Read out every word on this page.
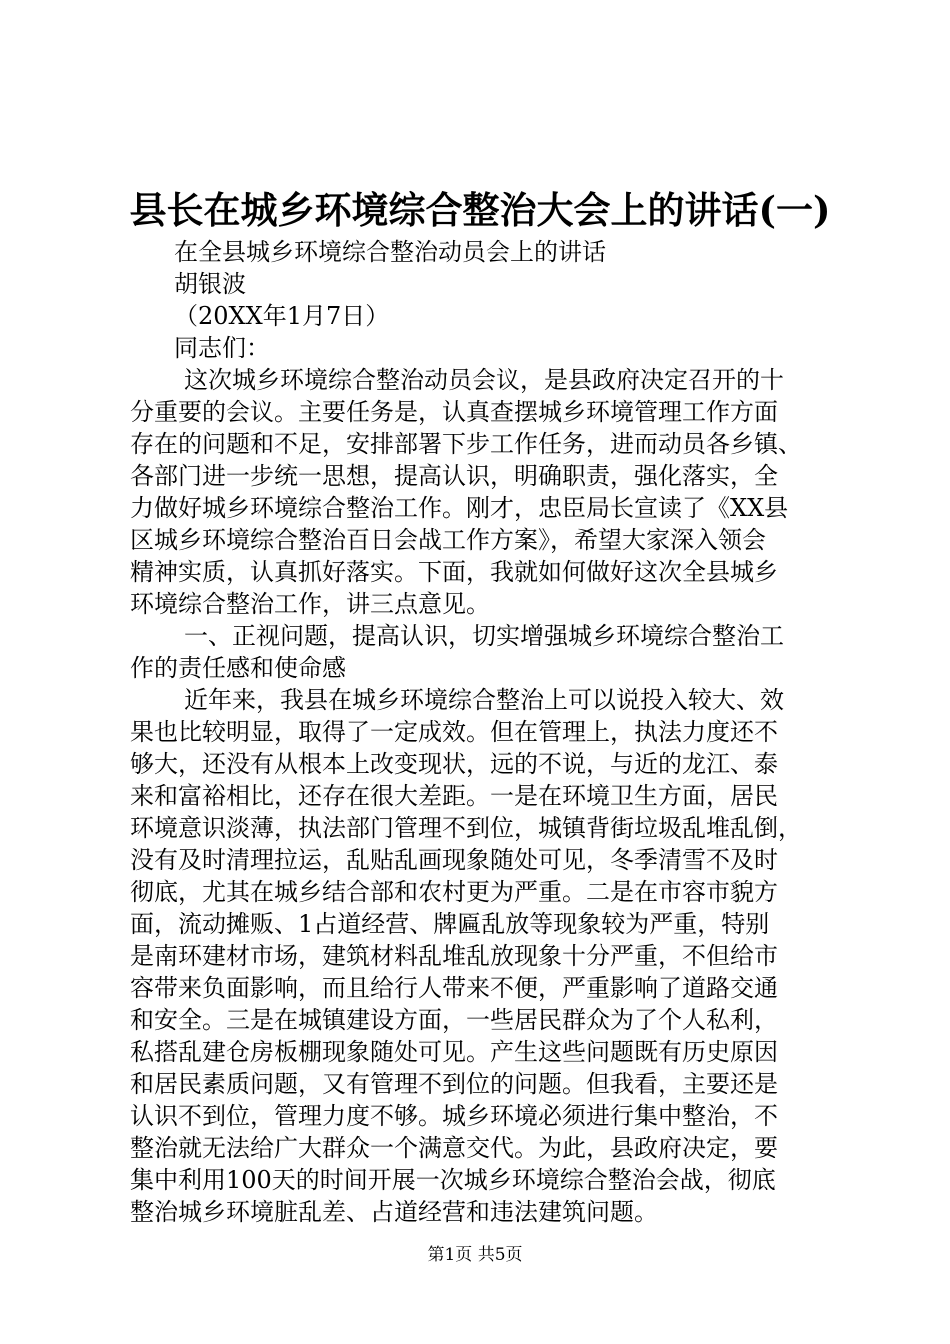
县长在城乡环境综合整治大会上的讲话(一)
在全县城乡环境综合整治动员会上的讲话
胡银波
（20XX年1月7日）
同志们：
　这次城乡环境综合整治动员会议，是县政府决定召开的十
分重要的会议。主要任务是，认真查摆城乡环境管理工作方面
存在的问题和不足，安排部署下步工作任务，进而动员各乡镇、
各部门进一步统一思想，提高认识，明确职责，强化落实，全
力做好城乡环境综合整治工作。刚才，忠臣局长宣读了《XX县
区城乡环境综合整治百日会战工作方案》，希望大家深入领会
精神实质，认真抓好落实。下面，我就如何做好这次全县城乡
环境综合整治工作，讲三点意见。
　一、正视问题，提高认识，切实增强城乡环境综合整治工
作的责任感和使命感
　近年来，我县在城乡环境综合整治上可以说投入较大、效
果也比较明显，取得了一定成效。但在管理上，执法力度还不
够大，还没有从根本上改变现状，远的不说，与近的龙江、泰
来和富裕相比，还存在很大差距。一是在环境卫生方面，居民
环境意识淡薄，执法部门管理不到位，城镇背街垃圾乱堆乱倒，
没有及时清理拉运，乱贴乱画现象随处可见，冬季清雪不及时
彻底，尤其在城乡结合部和农村更为严重。二是在市容市貌方
面，流动摊贩、1占道经营、牌匾乱放等现象较为严重，特别
是南环建材市场，建筑材料乱堆乱放现象十分严重，不但给市
容带来负面影响，而且给行人带来不便，严重影响了道路交通
和安全。三是在城镇建设方面，一些居民群众为了个人私利，
私搭乱建仓房板棚现象随处可见。产生这些问题既有历史原因
和居民素质问题，又有管理不到位的问题。但我看，主要还是
认识不到位，管理力度不够。城乡环境必须进行集中整治，不
整治就无法给广大群众一个满意交代。为此，县政府决定，要
集中利用100天的时间开展一次城乡环境综合整治会战，彻底
整治城乡环境脏乱差、占道经营和违法建筑问题。
第1页 共5页
